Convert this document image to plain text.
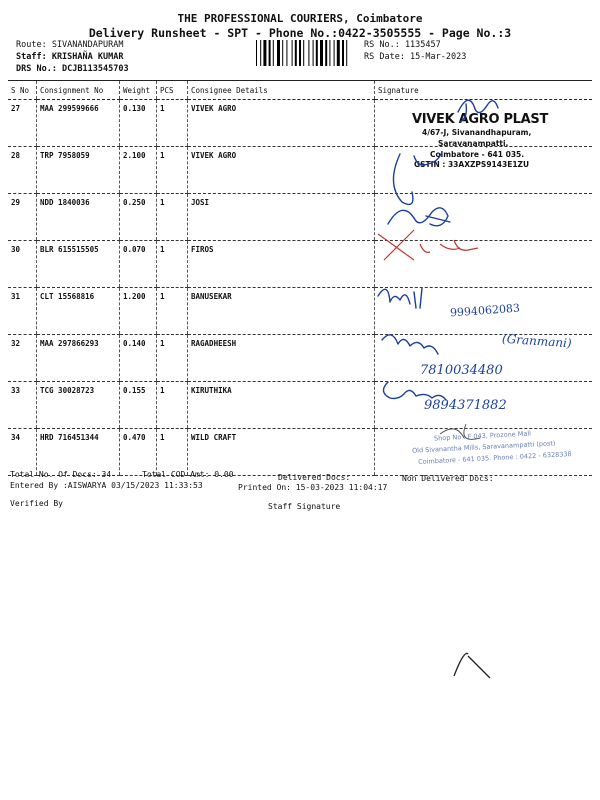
THE PROFESSIONAL COURIERS, Coimbatore
Delivery Runsheet - SPT - Phone No.:0422-3505555 - Page No.:3
Route: SIVANANDAPURAM
Staff: KRISHAÑA KUMAR
DRS No.: DCJB113545703
RS No.: 1135457
RS Date: 15-Mar-2023
S No	Consignment No	Weight	PCS	Consignee Details	Signature
27	MAA 299599666	0.130	1	VIVEK AGRO	
28	TRP 7958059	2.100	1	VIVEK AGRO	
29	NDD 1840036	0.250	1	JOSI	
30	BLR 615515505	0.070	1	FIROS	
31	CLT 15568816	1.200	1	BANUSEKAR	
32	MAA 297866293	0.140	1	RAGADHEESH	
33	TCG 30028723	0.155	1	KIRUTHIKA	
34	HRD 716451344	0.470	1	WILD CRAFT	
VIVEK AGRO PLAST
4/67-J, Sivanandhapuram,
Saravanampatti,
Coimbatore - 641 035.
GSTIN : 33AXZPS9143E1ZU
Shop No : F 043, Prozone Mall
Old Sivanantha Mills, Saravanampatti (post)
Coimbatore - 641 035. Phone : 0422 - 6328338
9994062083
(Granmani)
7810034480
9894371882
Total No. Of Docs: 34	Total COD Amt: 0.00	Delivered Docs:	Non Delivered Docs:
Entered By :AISWARYA 03/15/2023 11:33:53	Printed On: 15-03-2023 11:04:17
Verified By	Staff Signature
